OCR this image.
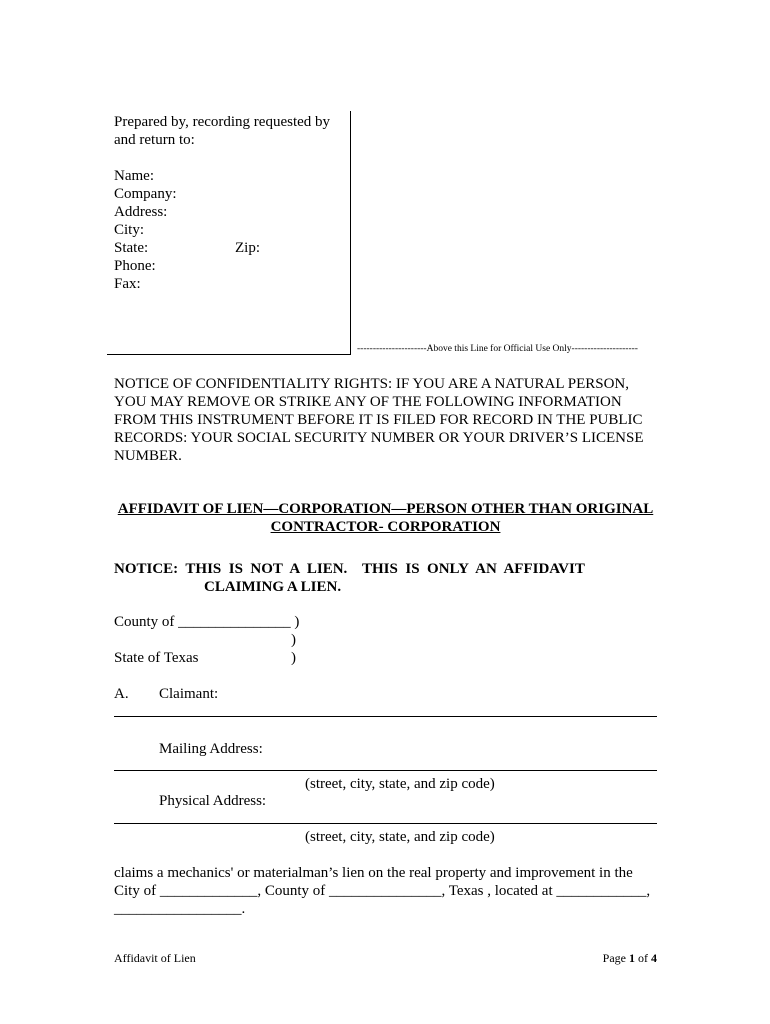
Prepared by, recording requested by
and return to:
Name:
Company:
Address:
City:
State:	Zip:
Phone:
Fax:
----------------------Above this Line for Official Use Only---------------------
NOTICE OF CONFIDENTIALITY RIGHTS: IF YOU ARE A NATURAL PERSON,
YOU MAY REMOVE OR STRIKE ANY OF THE FOLLOWING INFORMATION
FROM THIS INSTRUMENT BEFORE IT IS FILED FOR RECORD IN THE PUBLIC
RECORDS: YOUR SOCIAL SECURITY NUMBER OR YOUR DRIVER’S LICENSE
NUMBER.
AFFIDAVIT OF LIEN—CORPORATION—PERSON OTHER THAN ORIGINAL
CONTRACTOR- CORPORATION
NOTICE:  THIS  IS  NOT  A  LIEN.    THIS  IS  ONLY  AN  AFFIDAVIT
CLAIMING A LIEN.
County of _______________ )
)
State of Texas	)
A. Claimant:
Mailing Address:
(street, city, state, and zip code)
Physical Address:
(street, city, state, and zip code)
claims a mechanics' or materialman’s lien on the real property and improvement in the
City of _____________, County of _______________, Texas , located at ____________,
_________________.
Affidavit of Lien	Page 1 of 4
